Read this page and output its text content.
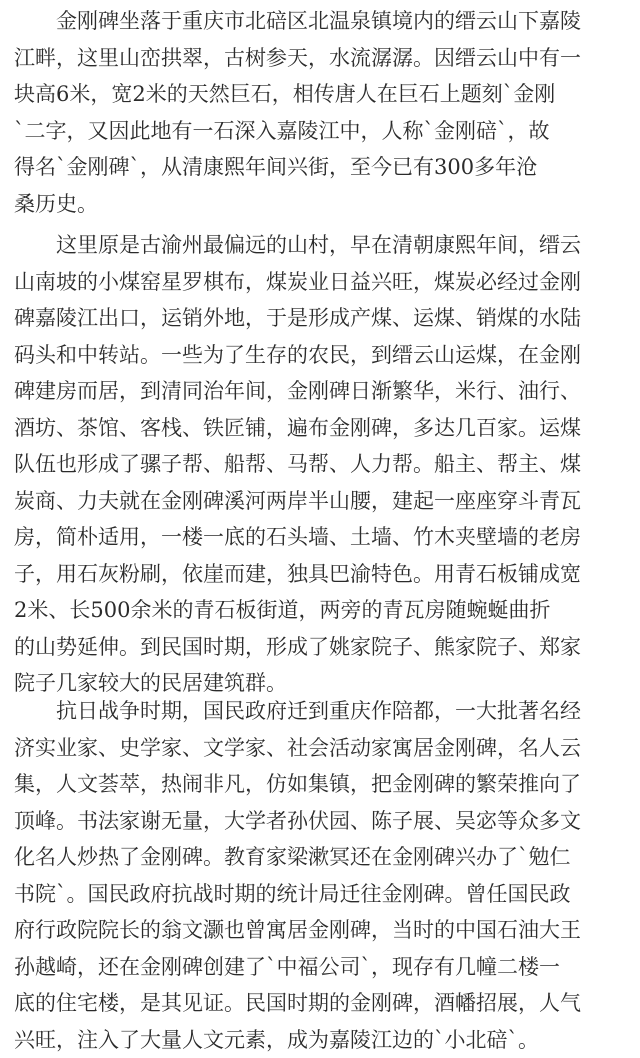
　　金刚碑坐落于重庆市北碚区北温泉镇境内的缙云山下嘉陵
江畔，这里山峦拱翠，古树参天，水流潺潺。因缙云山中有一
块高6米，宽2米的天然巨石，相传唐人在巨石上题刻`金刚
`二字，又因此地有一石深入嘉陵江中，人称`金刚碚`，故
得名`金刚碑`，从清康熙年间兴街，至今已有300多年沧
桑历史。
　　这里原是古渝州最偏远的山村，早在清朝康熙年间，缙云
山南坡的小煤窑星罗棋布，煤炭业日益兴旺，煤炭必经过金刚
碑嘉陵江出口，运销外地，于是形成产煤、运煤、销煤的水陆
码头和中转站。一些为了生存的农民，到缙云山运煤，在金刚
碑建房而居，到清同治年间，金刚碑日渐繁华，米行、油行、
酒坊、茶馆、客栈、铁匠铺，遍布金刚碑，多达几百家。运煤
队伍也形成了骡子帮、船帮、马帮、人力帮。船主、帮主、煤
炭商、力夫就在金刚碑溪河两岸半山腰，建起一座座穿斗青瓦
房，简朴适用，一楼一底的石头墙、土墙、竹木夹壁墙的老房
子，用石灰粉刷，依崖而建，独具巴渝特色。用青石板铺成宽
2米、长500余米的青石板街道，两旁的青瓦房随蜿蜒曲折
的山势延伸。到民国时期，形成了姚家院子、熊家院子、郑家
院子几家较大的民居建筑群。
　　抗日战争时期，国民政府迁到重庆作陪都，一大批著名经
济实业家、史学家、文学家、社会活动家寓居金刚碑，名人云
集，人文荟萃，热闹非凡，仿如集镇，把金刚碑的繁荣推向了
顶峰。书法家谢无量，大学者孙伏园、陈子展、吴宓等众多文
化名人炒热了金刚碑。教育家梁漱冥还在金刚碑兴办了`勉仁
书院`。国民政府抗战时期的统计局迁往金刚碑。曾任国民政
府行政院院长的翁文灏也曾寓居金刚碑，当时的中国石油大王
孙越崎，还在金刚碑创建了`中福公司`，现存有几幢二楼一
底的住宅楼，是其见证。民国时期的金刚碑，酒幡招展，人气
兴旺，注入了大量人文元素，成为嘉陵江边的`小北碚`。
